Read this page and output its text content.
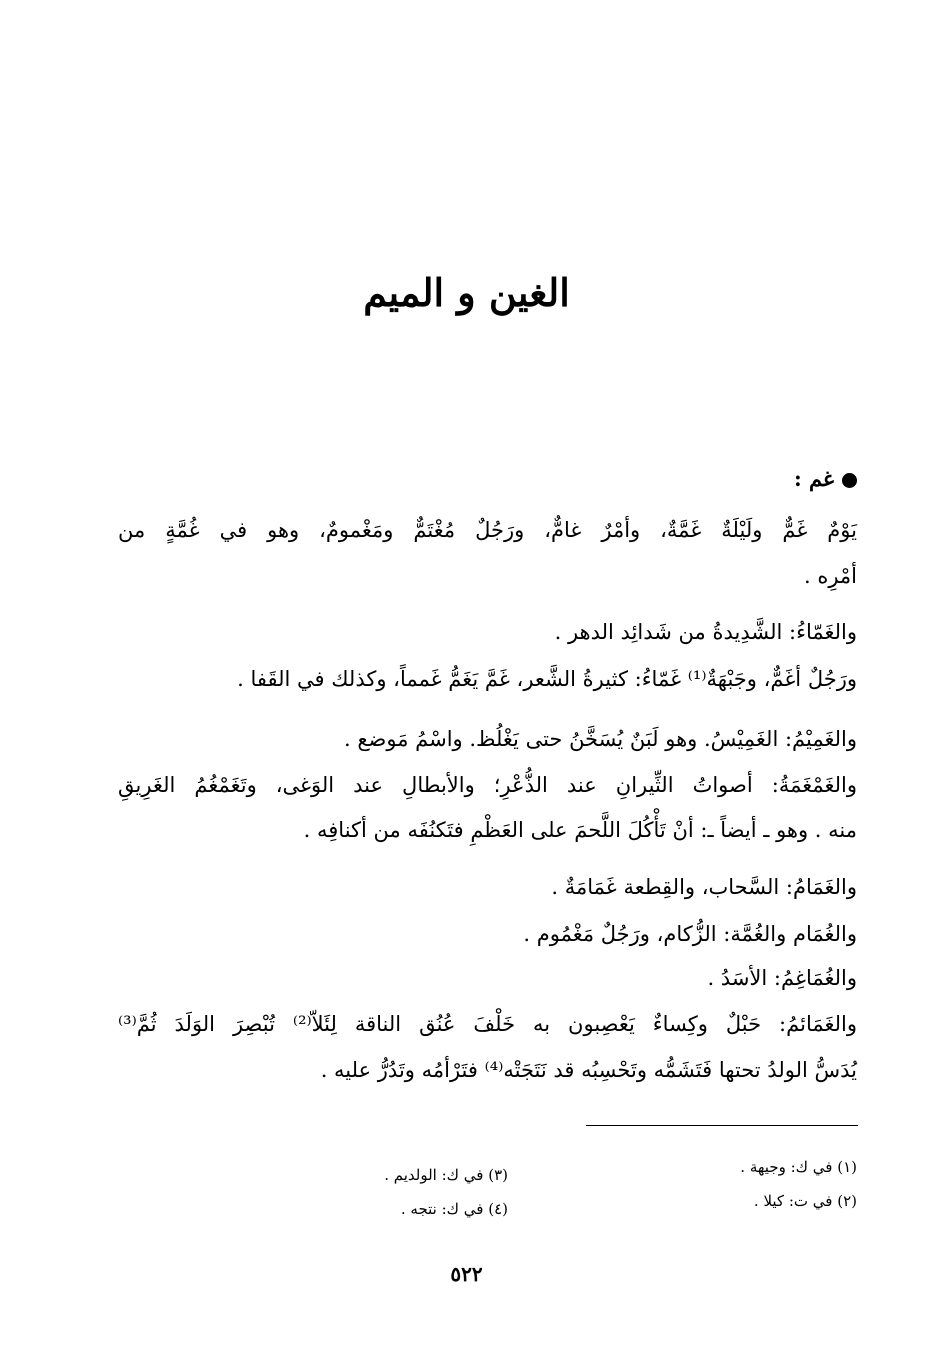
الغين و الميم
غم :
يَوْمٌ غَمٌّ ولَيْلَةٌ غَمَّةٌ، وأمْرٌ غامٌّ، ورَجُلٌ مُغْتَمٌّ ومَغْمومٌ، وهو في غُمَّةٍ من
أمْرِه .
والغَمّاءُ: الشَّدِيدةُ من شَدائِد الدهر .
ورَجُلٌ أغَمٌّ، وجَبْهَةٌ⁽¹⁾ غَمّاءُ: كثيرةُ الشَّعر، غَمَّ يَغَمُّ غَمماً، وكذلك في القَفا .
والغَمِيْمُ: الغَمِيْسُ. وهو لَبَنٌ يُسَخَّنُ حتى يَغْلُظ. واسْمُ مَوضع .
والغَمْغَمَةُ: أصواتُ الثِّيرانِ عند الذُّعْرِ؛ والأبطالِ عند الوَغى، وتَغَمْغُمُ الغَرِيقِ
منه . وهو ـ أيضاً ـ: أنْ تَأْكُلَ اللَّحمَ على العَظْمِ فتَكنُفَه من أكنافِه .
والغَمَامُ: السَّحاب، والقِطعة غَمَامَةٌ .
والغُمَام والغُمَّة: الزُّكام، ورَجُلٌ مَغْمُوم .
والغُمَاغِمُ: الأسَدُ .
والغَمَائمُ: حَبْلٌ وكِساءٌ يَعْصِبون به خَلْفَ عُنُق الناقة لِئَلاّ⁽²⁾ تُبْصِرَ الوَلَدَ ثُمَّ⁽³⁾
يُدَسُّ الولدُ تحتها فَتَشَمُّه وتَحْسِبُه قد نَتَجَتْه⁽⁴⁾ فتَرْأمُه وتَدُرُّ عليه .
(١) في ك: وجيهة .
(٢) في ت: كيلا .
(٣) في ك: الولديم .
(٤) في ك: نتجه .
٥٢٢
